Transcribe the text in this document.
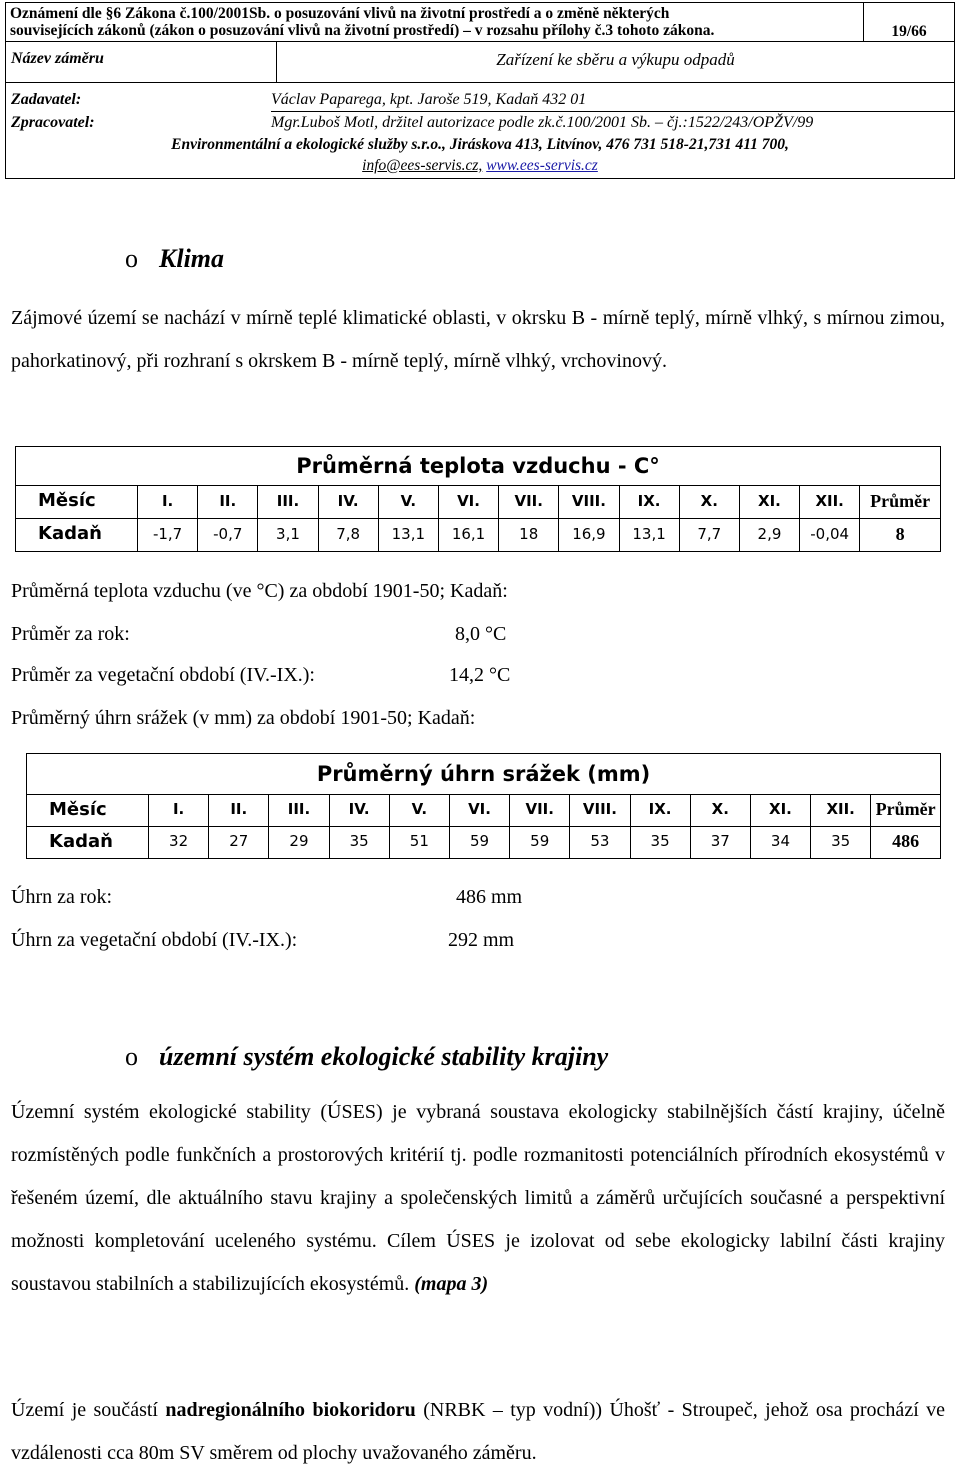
Oznámení dle §6 Zákona č.100/2001Sb. o posuzování vlivů na životní prostředí a o změně některých
souvisejících zákonů (zákon o posuzování vlivů na životní prostředí) – v rozsahu přílohy č.3 tohoto zákona.	19/66
Název záměru	Zařízení ke sběru a výkupu odpadů
Zadavatel:	Václav Paparega, kpt. Jaroše 519, Kadaň 432 01
Zpracovatel:	Mgr.Luboš Motl, držitel autorizace podle zk.č.100/2001 Sb. – čj.:1522/243/OPŽV/99
Environmentální a ekologické služby s.r.o., Jiráskova 413, Litvínov, 476 731 518-21,731 411 700,
info@ees-servis.cz, www.ees-servis.cz
o Klima
Zájmové území se nachází v mírně teplé klimatické oblasti, v okrsku B - mírně teplý, mírně vlhký, s mírnou zimou, pahorkatinový, při rozhraní s okrskem B - mírně teplý, mírně vlhký, vrchovinový.
Průměrná teplota vzduchu - C°
Měsíc	I.	II.	III.	IV.	V.	VI.	VII.	VIII.	IX.	X.	XI.	XII.	Průměr
Kadaň	-1,7	-0,7	3,1	7,8	13,1	16,1	18	16,9	13,1	7,7	2,9	-0,04	8
Průměrná teplota vzduchu (ve °C) za období 1901-50; Kadaň:
Průměr za rok:	8,0 °C
Průměr za vegetační období (IV.-IX.):	14,2 °C
Průměrný úhrn srážek (v mm) za období 1901-50; Kadaň:
Průměrný úhrn srážek (mm)
Měsíc	I.	II.	III.	IV.	V.	VI.	VII.	VIII.	IX.	X.	XI.	XII.	Průměr
Kadaň	32	27	29	35	51	59	59	53	35	37	34	35	486
Úhrn za rok:	486 mm
Úhrn za vegetační období (IV.-IX.):	292 mm
o územní systém ekologické stability krajiny
Územní systém ekologické stability (ÚSES) je vybraná soustava ekologicky stabilnějších částí krajiny, účelně rozmístěných podle funkčních a prostorových kritérií tj. podle rozmanitosti potenciálních přírodních ekosystémů v řešeném území, dle aktuálního stavu krajiny a společenských limitů a záměrů určujících současné a perspektivní možnosti kompletování uceleného systému. Cílem ÚSES je izolovat od sebe ekologicky labilní části krajiny soustavou stabilních a stabilizujících ekosystémů. (mapa 3)
Území je součástí nadregionálního biokoridoru (NRBK – typ vodní)) Úhošť - Stroupeč, jehož osa prochází ve vzdálenosti cca 80m SV směrem od plochy uvažovaného záměru.
